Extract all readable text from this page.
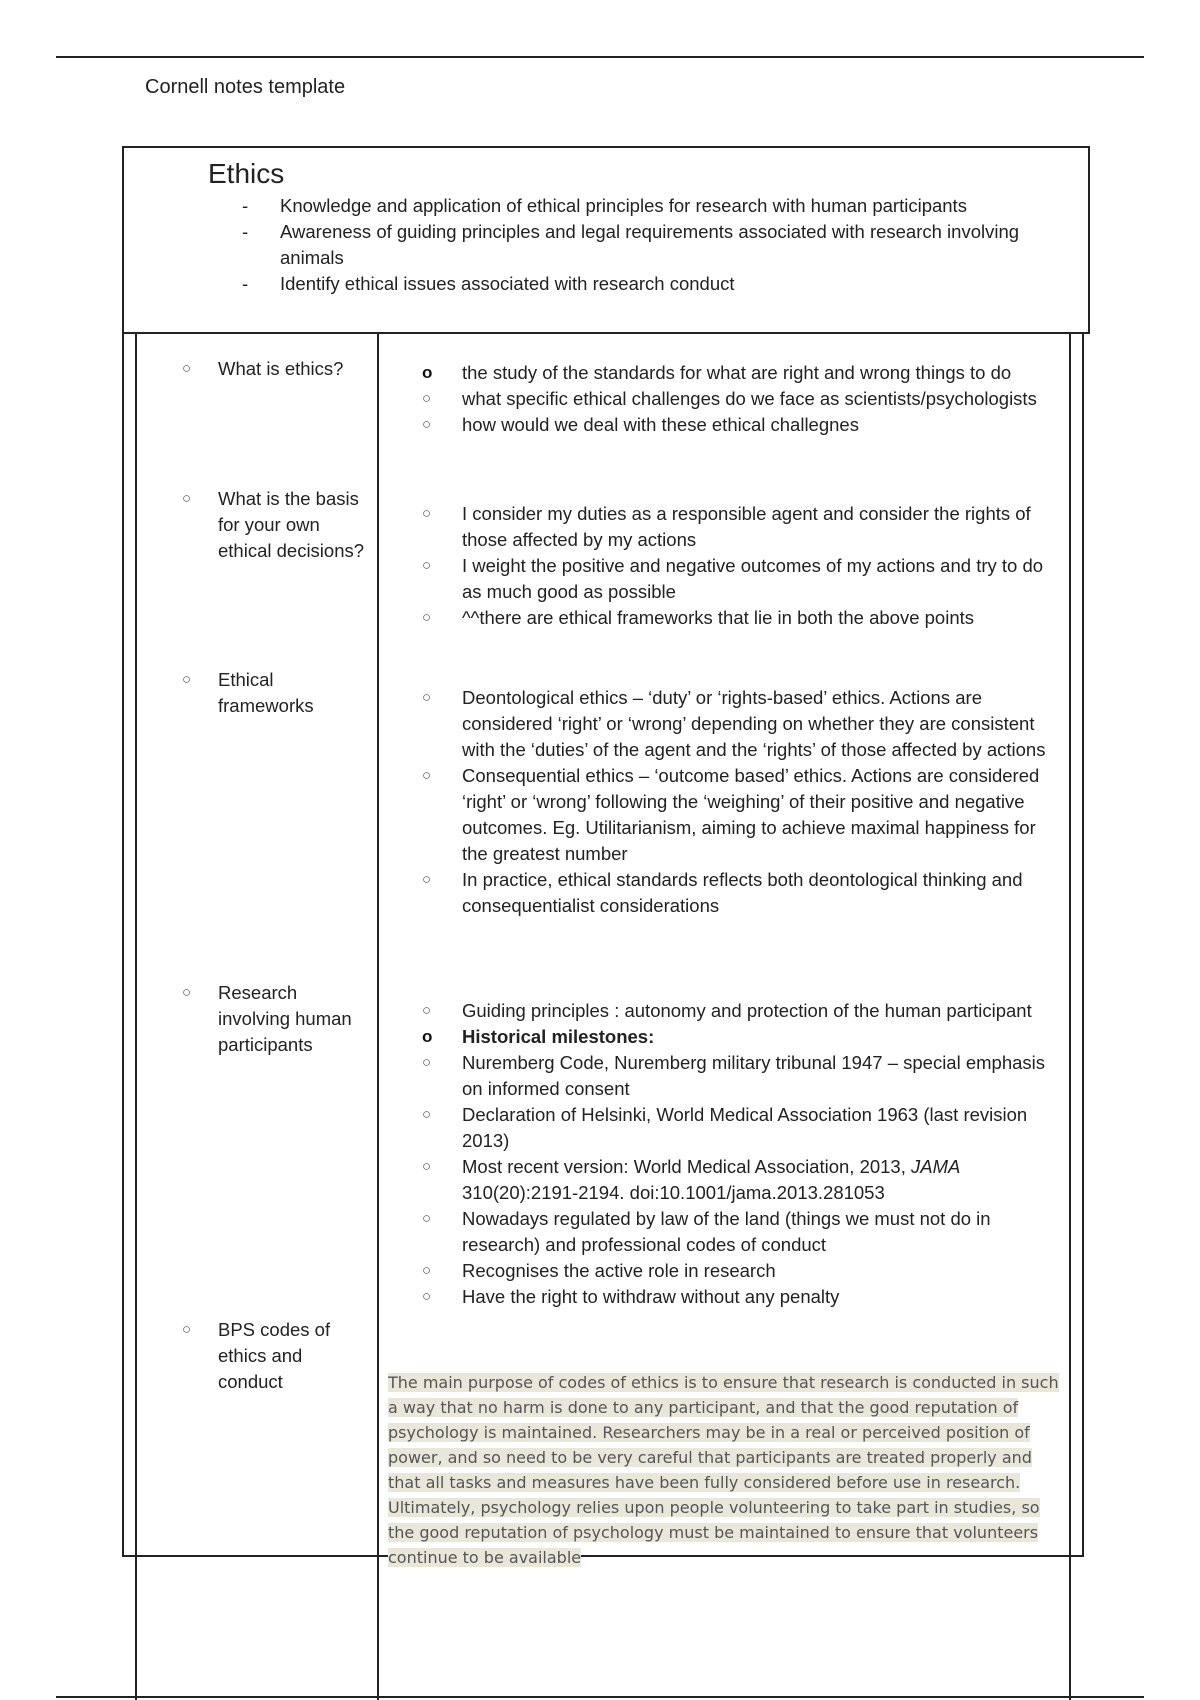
Cornell notes template
Ethics
- Knowledge and application of ethical principles for research with human participants
- Awareness of guiding principles and legal requirements associated with research involving animals
- Identify ethical issues associated with research conduct
○ What is ethics?
○ What is the basis for your own ethical decisions?
○ Ethical frameworks
○ Research involving human participants
○ BPS codes of ethics and conduct
o the study of the standards for what are right and wrong things to do
○ what specific ethical challenges do we face as scientists/psychologists
○ how would we deal with these ethical challegnes
○ I consider my duties as a responsible agent and consider the rights of those affected by my actions
○ I weight the positive and negative outcomes of my actions and try to do as much good as possible
○ ^^there are ethical frameworks that lie in both the above points
○ Deontological ethics – ‘duty’ or ‘rights-based’ ethics. Actions are considered ‘right’ or ‘wrong’ depending on whether they are consistent with the ‘duties’ of the agent and the ‘rights’ of those affected by actions
○ Consequential ethics – ‘outcome based’ ethics. Actions are considered ‘right’ or ‘wrong’ following the ‘weighing’ of their positive and negative outcomes. Eg. Utilitarianism, aiming to achieve maximal happiness for the greatest number
○ In practice, ethical standards reflects both deontological thinking and consequentialist considerations
○ Guiding principles : autonomy and protection of the human participant
o Historical milestones:
○ Nuremberg Code, Nuremberg military tribunal 1947 – special emphasis on informed consent
○ Declaration of Helsinki, World Medical Association 1963 (last revision 2013)
○ Most recent version: World Medical Association, 2013, JAMA 310(20):2191-2194. doi:10.1001/jama.2013.281053
○ Nowadays regulated by law of the land (things we must not do in research) and professional codes of conduct
○ Recognises the active role in research
○ Have the right to withdraw without any penalty
The main purpose of codes of ethics is to ensure that research is conducted in such a way that no harm is done to any participant, and that the good reputation of psychology is maintained. Researchers may be in a real or perceived position of power, and so need to be very careful that participants are treated properly and that all tasks and measures have been fully considered before use in research. Ultimately, psychology relies upon people volunteering to take part in studies, so the good reputation of psychology must be maintained to ensure that volunteers continue to be available
